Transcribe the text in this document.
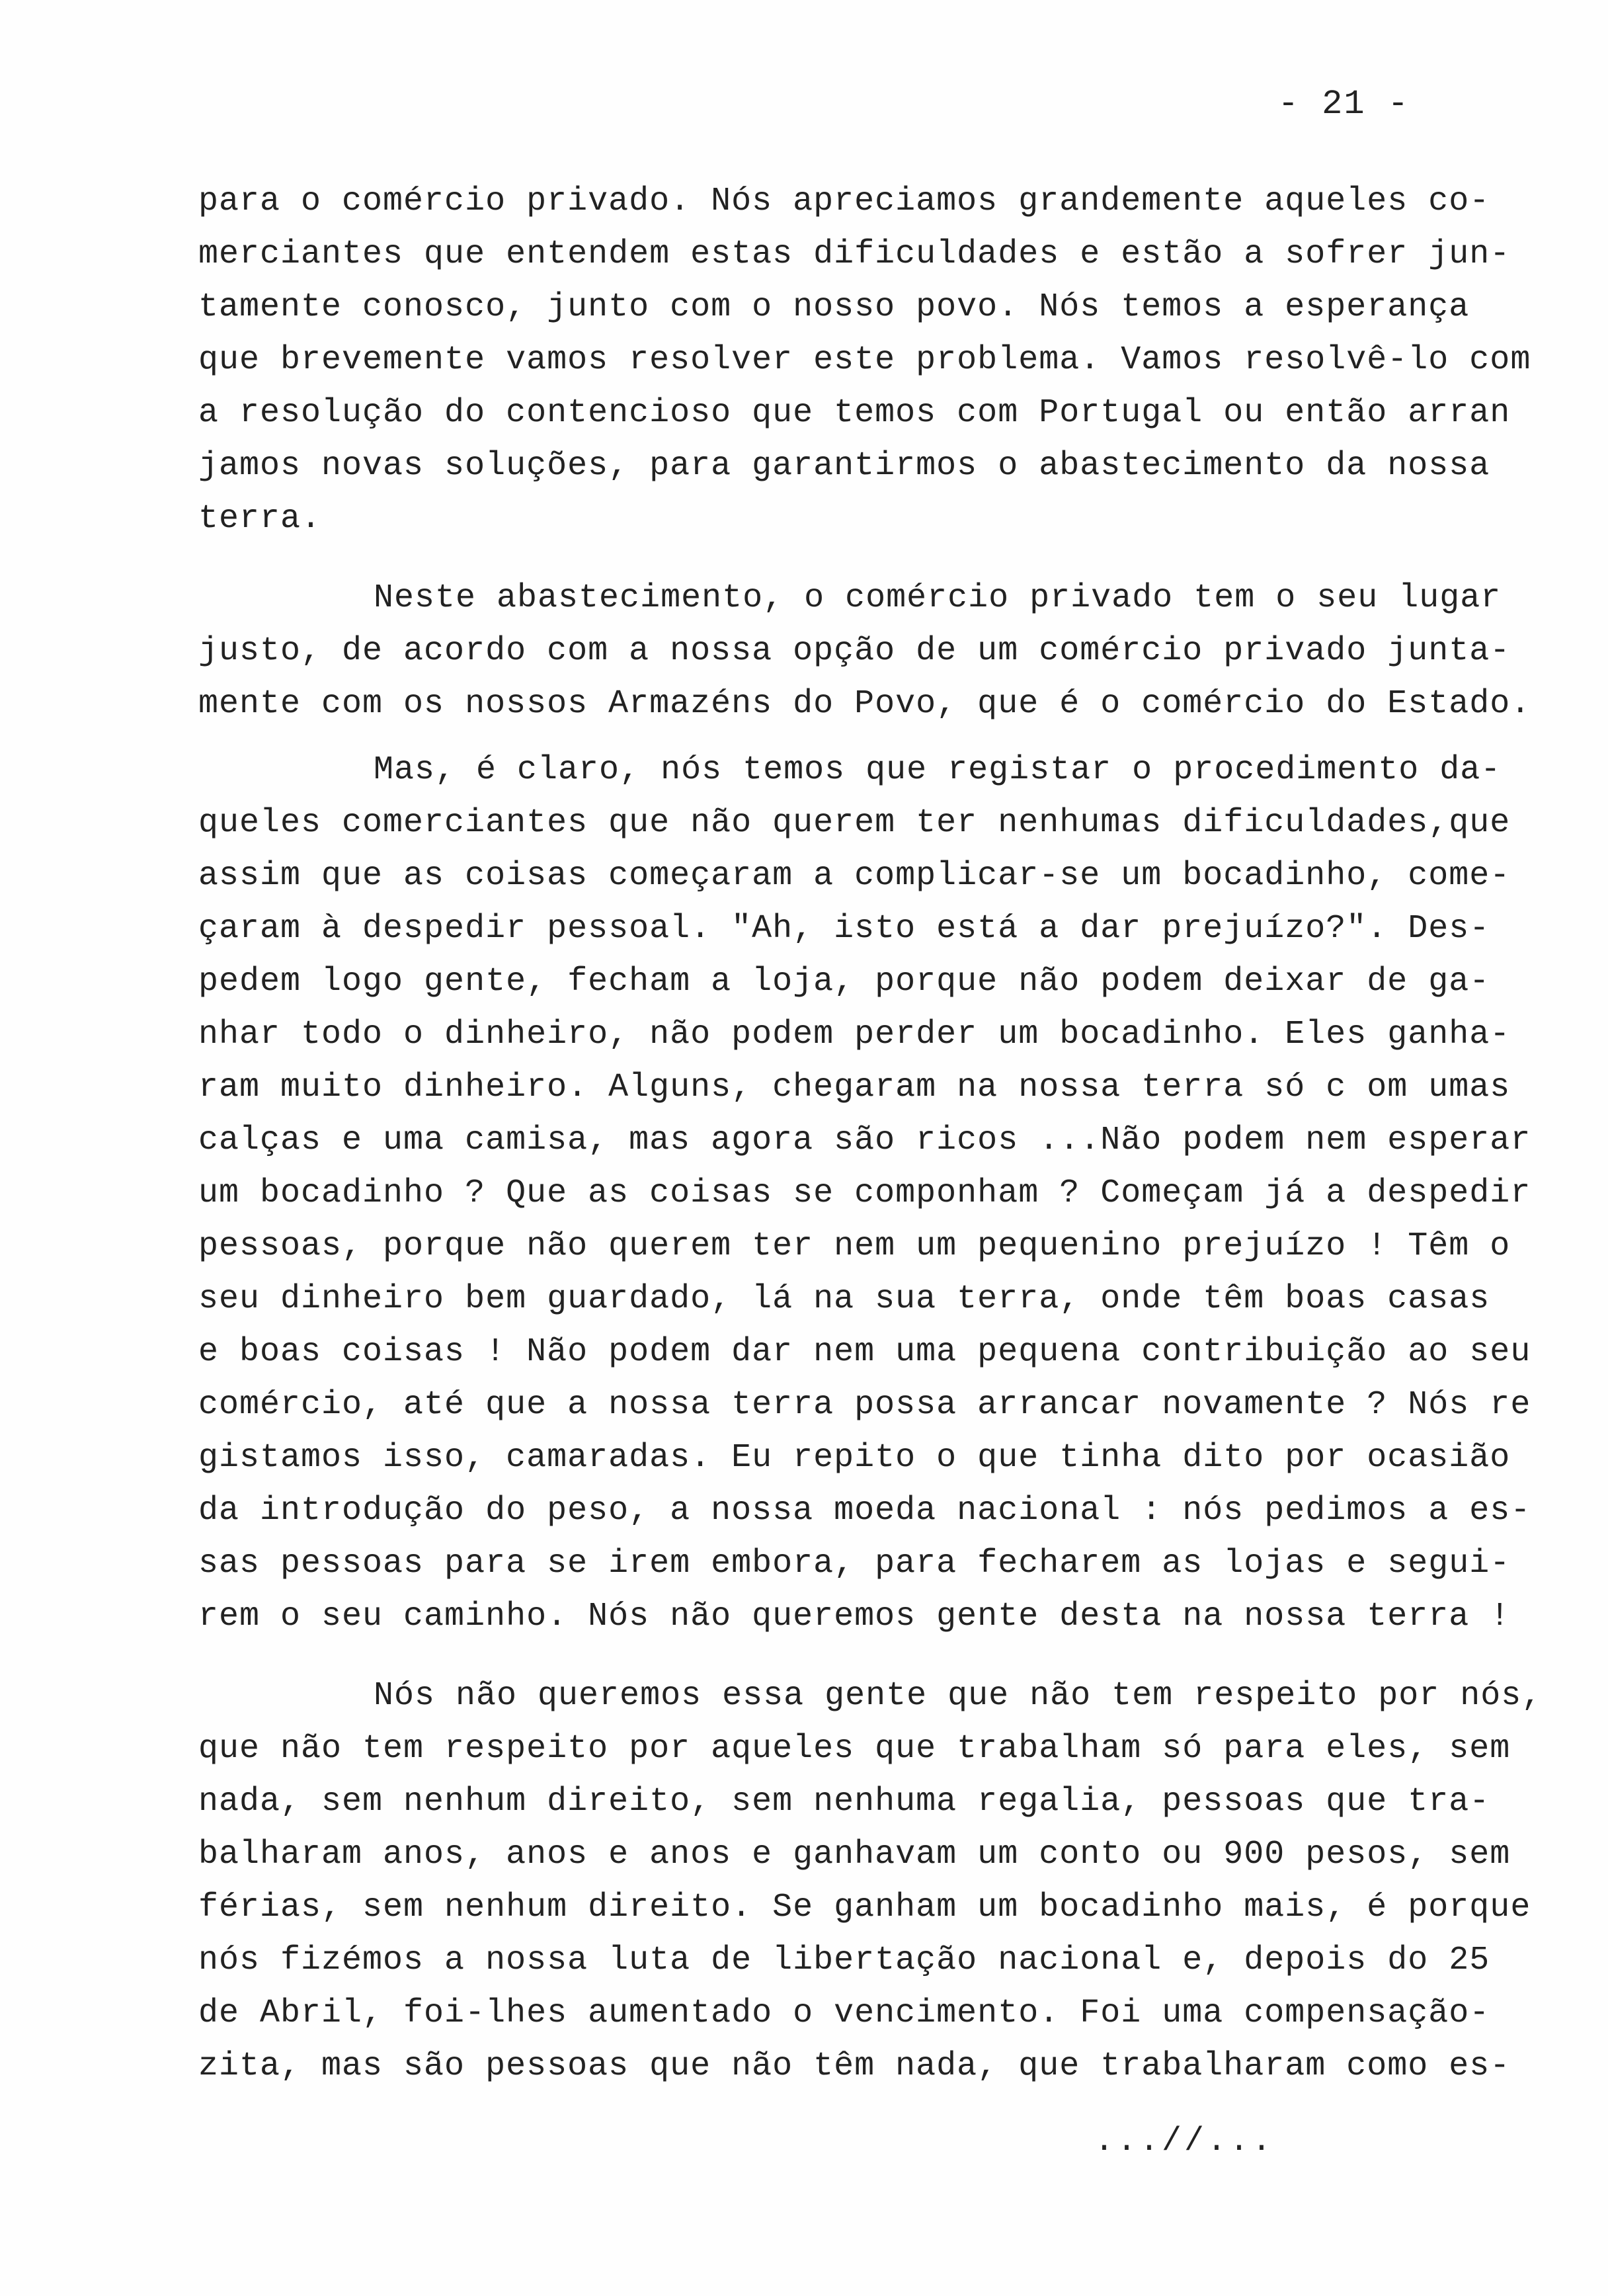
- 21 -
para o comércio privado. Nós apreciamos grandemente aqueles co-
merciantes que entendem estas dificuldades e estão a sofrer jun-
tamente conosco, junto com o nosso povo. Nós temos a esperança
que brevemente vamos resolver este problema. Vamos resolvê-lo com
a resolução do contencioso que temos com Portugal ou então arran
jamos novas soluções, para garantirmos o abastecimento da nossa
terra.
Neste abastecimento, o comércio privado tem o seu lugar
justo, de acordo com a nossa opção de um comércio privado junta-
mente com os nossos Armazéns do Povo, que é o comércio do Estado.
Mas, é claro, nós temos que registar o procedimento da-
queles comerciantes que não querem ter nenhumas dificuldades,que
assim que as coisas começaram a complicar-se um bocadinho, come-
çaram à despedir pessoal. "Ah, isto está a dar prejuízo?". Des-
pedem logo gente, fecham a loja, porque não podem deixar de ga-
nhar todo o dinheiro, não podem perder um bocadinho. Eles ganha-
ram muito dinheiro. Alguns, chegaram na nossa terra só c om umas
calças e uma camisa, mas agora são ricos ...Não podem nem esperar
um bocadinho ? Que as coisas se componham ? Começam já a despedir
pessoas, porque não querem ter nem um pequenino prejuízo ! Têm o
seu dinheiro bem guardado, lá na sua terra, onde têm boas casas
e boas coisas ! Não podem dar nem uma pequena contribuição ao seu
comércio, até que a nossa terra possa arrancar novamente ? Nós re
gistamos isso, camaradas. Eu repito o que tinha dito por ocasião
da introdução do peso, a nossa moeda nacional : nós pedimos a es-
sas pessoas para se irem embora, para fecharem as lojas e segui-
rem o seu caminho. Nós não queremos gente desta na nossa terra !
Nós não queremos essa gente que não tem respeito por nós,
que não tem respeito por aqueles que trabalham só para eles, sem
nada, sem nenhum direito, sem nenhuma regalia, pessoas que tra-
balharam anos, anos e anos e ganhavam um conto ou 900 pesos, sem
férias, sem nenhum direito. Se ganham um bocadinho mais, é porque
nós fizémos a nossa luta de libertação nacional e, depois do 25
de Abril, foi-lhes aumentado o vencimento. Foi uma compensação-
zita, mas são pessoas que não têm nada, que trabalharam como es-
...//...
